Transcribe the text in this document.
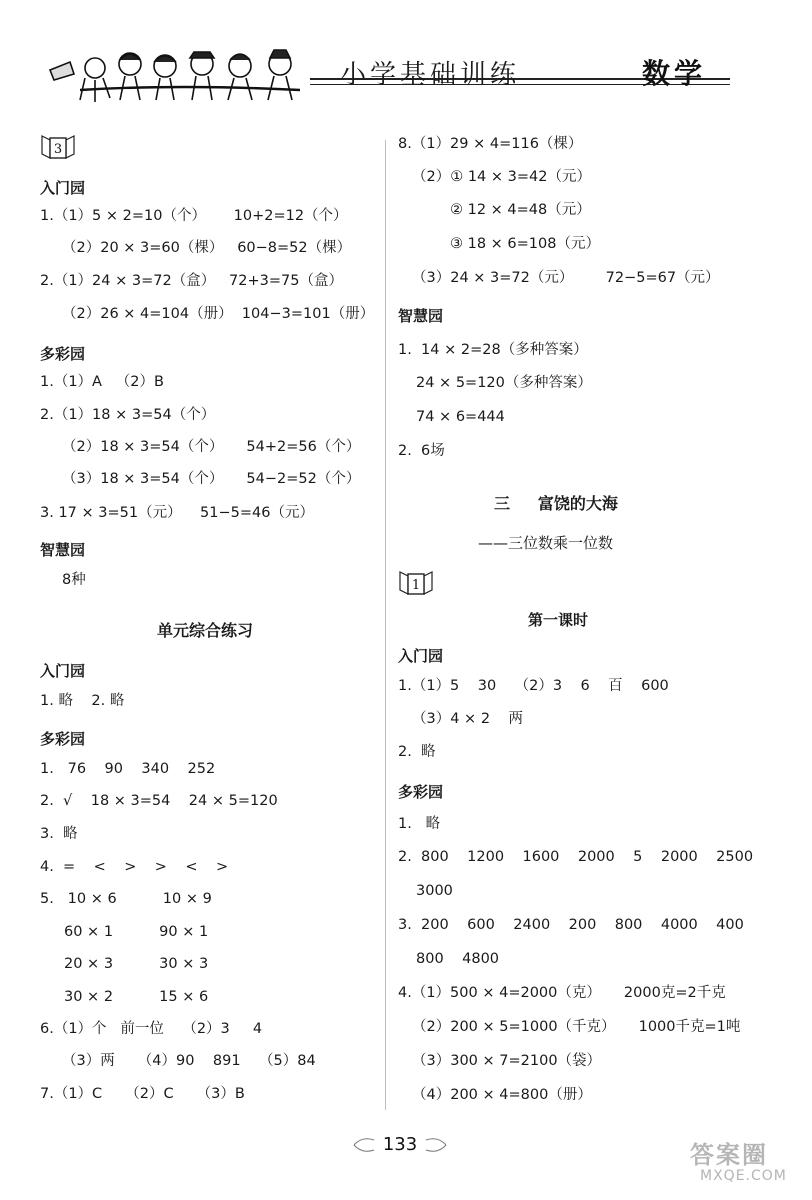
小学基础训练	数学
3
入门园
1.（1）5 × 2=10（个）      10+2=12（个）
（2）20 × 3=60（棵）   60−8=52（棵）
2.（1）24 × 3=72（盒）   72+3=75（盒）
（2）26 × 4=104（册）  104−3=101（册）
多彩园
1.（1）A   （2）B
2.（1）18 × 3=54（个）
（2）18 × 3=54（个）     54+2=56（个）
（3）18 × 3=54（个）     54−2=52（个）
3. 17 × 3=51（元）    51−5=46（元）
智慧园
8种
单元综合练习
入门园
1. 略    2. 略
多彩园
1.   76    90    340    252
2.  √    18 × 3=54    24 × 5=120
3.  略
4.  =    <    >    >    <    >
5.   10 × 6          10 × 9
60 × 1          90 × 1
20 × 3          30 × 3
30 × 2          15 × 6
6.（1）个   前一位    （2）3     4
（3）两     （4）90    891    （5）84
7.（1）C     （2）C     （3）B
8.（1）29 × 4=116（棵）
（2）① 14 × 3=42（元）
② 12 × 4=48（元）
③ 18 × 6=108（元）
（3）24 × 3=72（元）       72−5=67（元）
智慧园
1.  14 × 2=28（多种答案）
24 × 5=120（多种答案）
74 × 6=444
2.  6场
三     富饶的大海
——三位数乘一位数
1
第一课时
入门园
1.（1）5    30    （2）3    6    百    600
（3）4 × 2    两
2.  略
多彩园
1.   略
2.  800    1200    1600    2000    5    2000    2500
3000
3.  200    600    2400    200    800    4000    400
800    4800
4.（1）500 × 4=2000（克）     2000克=2千克
（2）200 × 5=1000（千克）     1000千克=1吨
（3）300 × 7=2100（袋）
（4）200 × 4=800（册）
133	答案圈
MXQE.COM
